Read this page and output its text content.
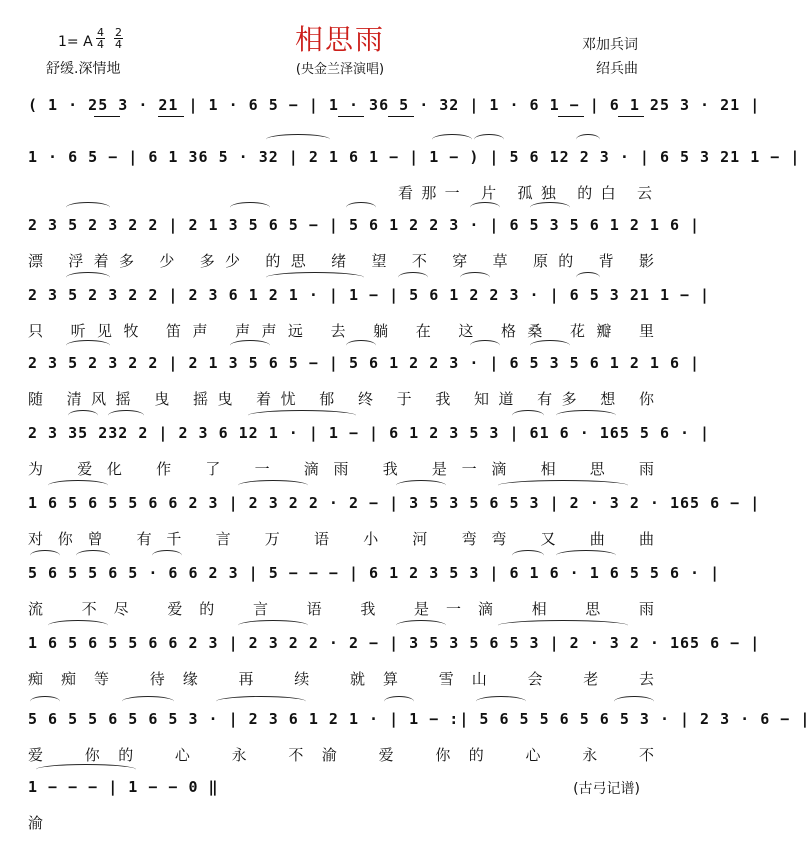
1= A
4
4
2
4
舒缓.深情地
相思雨
(央金兰泽演唱)
邓加兵词
绍兵曲
( 1 · 25 3 · 21 | 1 · 6 5 − | 1 · 36 5 · 32 | 1 · 6 1 − | 6 1 25 3 · 21 |
1 · 6 5 − | 6 1 36 5 · 32 | 2 1 6 1 − | 1 − ) | 5 6 12 2 3 · | 6 5 3 21 1 − |
看那一 片 孤独 的白 云
2 3 5 2 3 2 2 | 2 1 3 5 6 5 − | 5 6 1 2 2 3 · | 6 5 3 5 6 1 2 1 6 |
漂 浮着多 少 多少 的思 绪 望 不 穿 草 原的 背 影
2 3 5 2 3 2 2 | 2 3 6 1 2 1 · | 1 − | 5 6 1 2 2 3 · | 6 5 3 21 1 − |
只 听见牧 笛声 声声远 去 躺 在 这 格桑 花瓣 里
2 3 5 2 3 2 2 | 2 1 3 5 6 5 − | 5 6 1 2 2 3 · | 6 5 3 5 6 1 2 1 6 |
随 清风摇 曳 摇曳 着忧 郁 终 于 我 知道 有多 想 你
2 3 35 232 2 | 2 3 6 12 1 · | 1 − | 6 1 2 3 5 3 | 61 6 · 165 5 6 · |
为 爱化 作 了 一 滴雨 我 是一滴 相 思 雨
1 6 5 6 5 5 6 6 2 3 | 2 3 2 2 · 2 − | 3 5 3 5 6 5 3 | 2 · 3 2 · 165 6 − |
对你曾 有千 言 万 语 小 河 弯弯 又 曲 曲
5 6 5 5 6 5 · 6 6 2 3 | 5 − − − | 6 1 2 3 5 3 | 6 1 6 · 1 6 5 5 6 · |
流 不尽 爱的 言 语 我 是一滴 相 思 雨
1 6 5 6 5 5 6 6 2 3 | 2 3 2 2 · 2 − | 3 5 3 5 6 5 3 | 2 · 3 2 · 165 6 − |
痴痴等 待缘 再 续 就算 雪山 会 老 去
5 6 5 5 6 5 6 5 3 · | 2 3 6 1 2 1 · | 1 − :| 5 6 5 5 6 5 6 5 3 · | 2 3 · 6 − |
爱 你的 心 永 不渝 爱 你的 心 永 不
1 − − − | 1 − − 0 ‖
渝
(古弓记谱)
